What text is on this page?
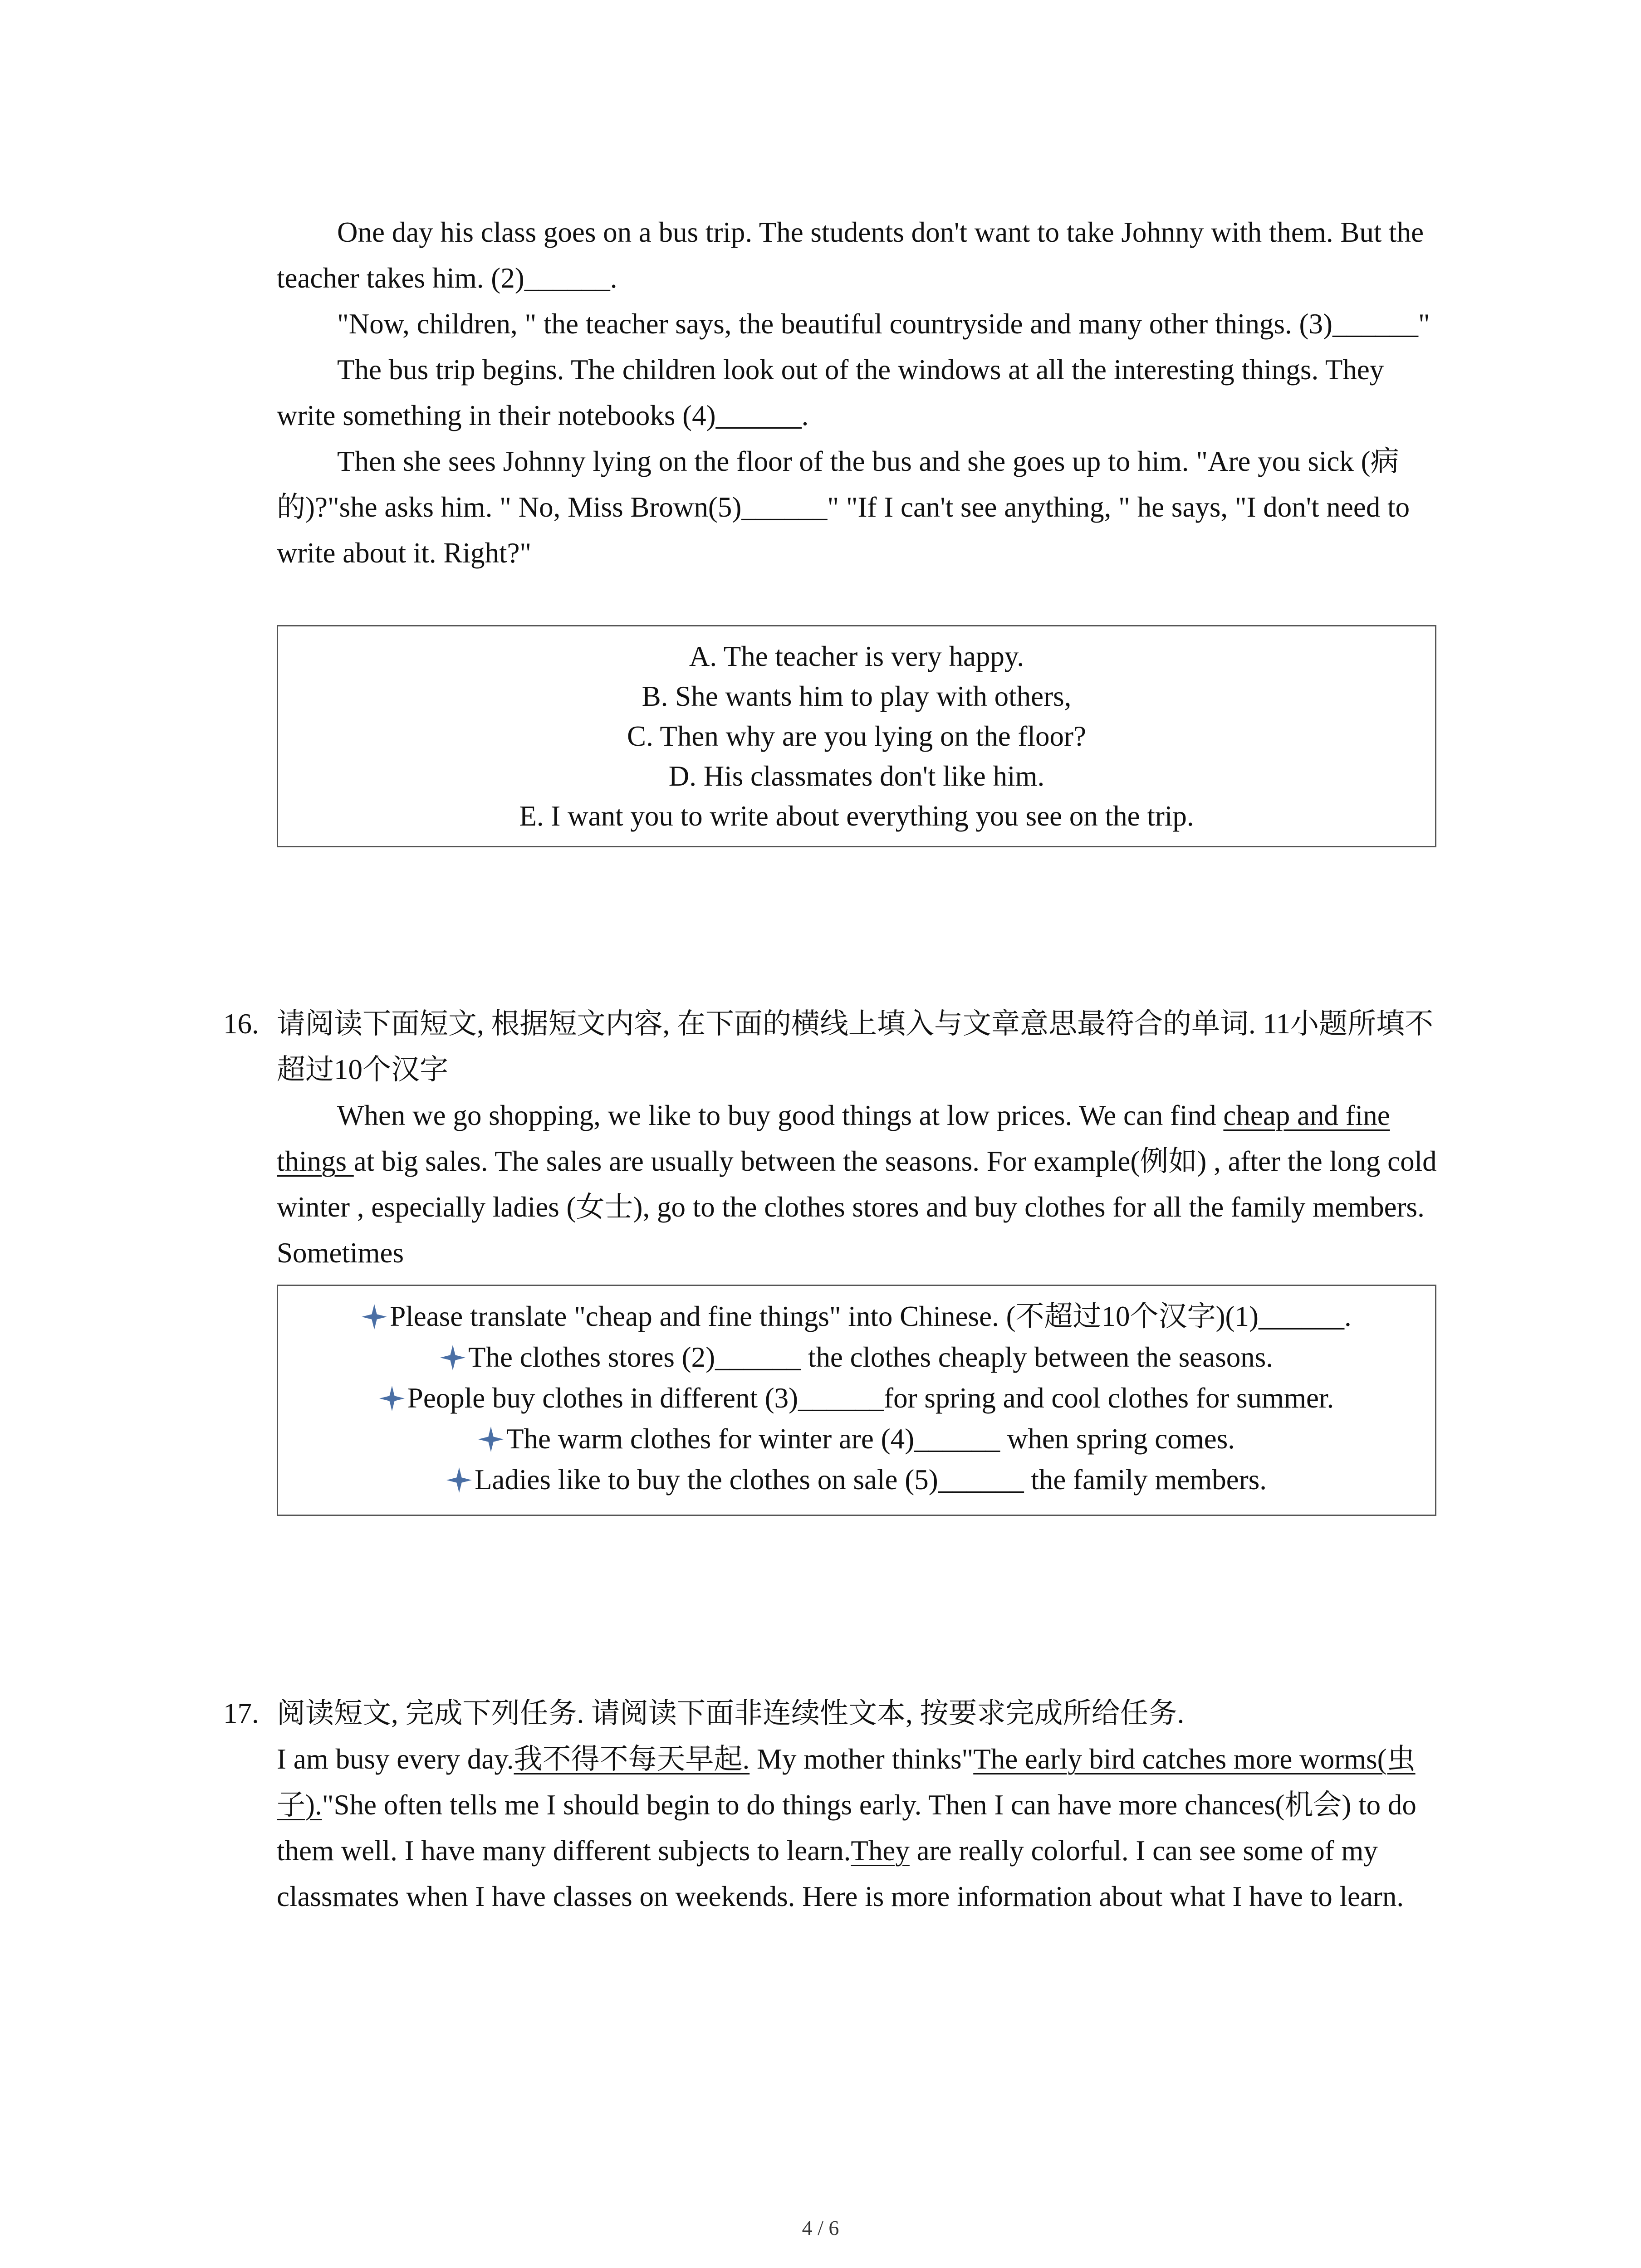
One day his class goes on a bus trip. The students don't want to take Johnny with them. But the teacher takes him. (2)______.

"Now, children, " the teacher says, the beautiful countryside and many other things. (3)______"

The bus trip begins. The children look out of the windows at all the interesting things. They write something in their notebooks (4)______.

Then she sees Johnny lying on the floor of the bus and she goes up to him. "Are you sick (病的)?"she asks him. " No, Miss Brown(5)______" "If I can't see anything, " he says, "I don't need to write about it. Right?"

A. The teacher is very happy.
B. She wants him to play with others,
C. Then why are you lying on the floor?
D. His classmates don't like him.
E. I want you to write about everything you see on the trip.
16. 请阅读下面短文, 根据短文内容, 在下面的横线上填入与文章意思最符合的单词. 11小题所填不超过10个汉字

When we go shopping, we like to buy good things at low prices. We can find cheap and fine things at big sales. The sales are usually between the seasons. For example(例如) , after the long cold winter , especially ladies (女士), go to the clothes stores and buy clothes for all the family members. Sometimes

Please translate "cheap and fine things" into Chinese. (不超过10个汉字)(1)______.
The clothes stores (2)______ the clothes cheaply between the seasons.
People buy clothes in different (3)______for spring and cool clothes for summer.
The warm clothes for winter are (4)______ when spring comes.
Ladies like to buy the clothes on sale (5)______ the family members.
17. 阅读短文, 完成下列任务. 请阅读下面非连续性文本, 按要求完成所给任务.

I am busy every day.我不得不每天早起. My mother thinks"The early bird catches more worms(虫子)."She often tells me I should begin to do things early. Then I can have more chances(机会) to do them well. I have many different subjects to learn.They are really colorful. I can see some of my classmates when I have classes on weekends. Here is more information about what I have to learn.

4 / 6
